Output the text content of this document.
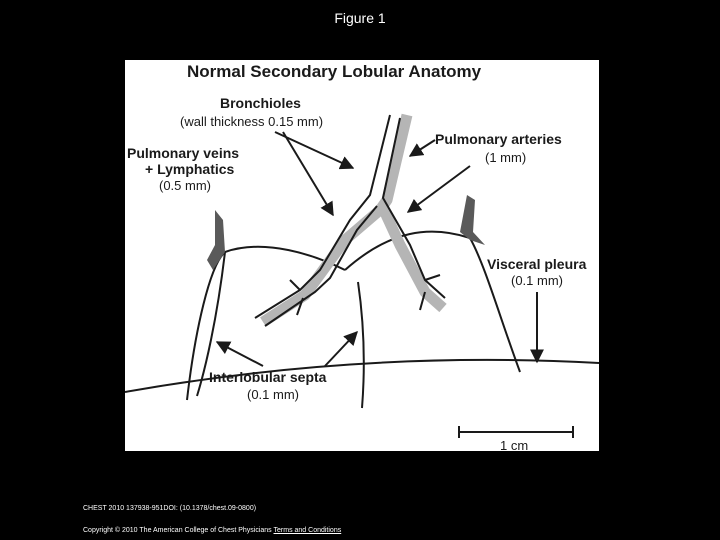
Figure 1
Normal Secondary Lobular Anatomy
Bronchioles
(wall thickness 0.15 mm)
Pulmonary arteries
(1 mm)
Pulmonary veins
+ Lymphatics
(0.5 mm)
Visceral pleura
(0.1 mm)
Interlobular septa
(0.1 mm)
1 cm
CHEST 2010 137938-951DOI: (10.1378/chest.09-0800)
Copyright © 2010 The American College of Chest Physicians Terms and Conditions
